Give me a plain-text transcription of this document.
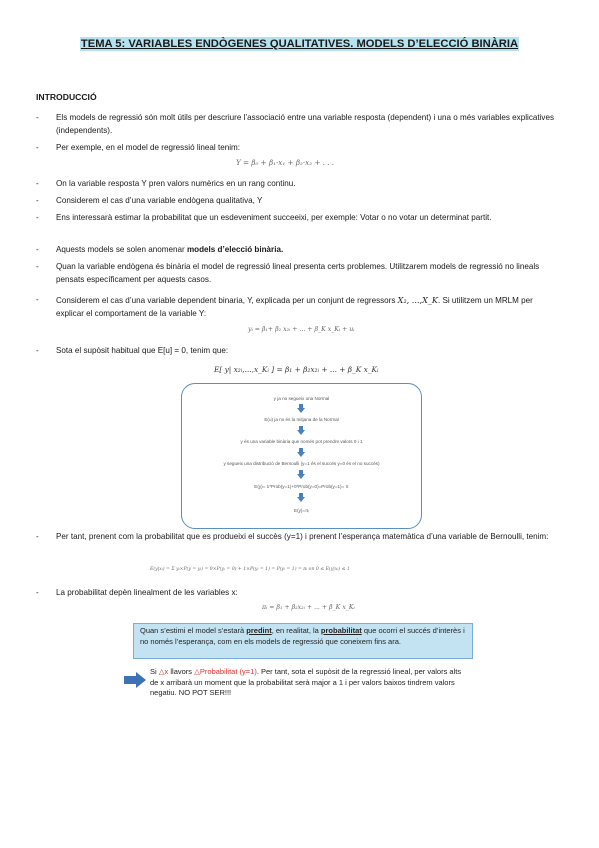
TEMA 5: VARIABLES ENDÒGENES QUALITATIVES. MODELS D’ELECCIÓ BINÀRIA
INTRODUCCIÓ
- Els models de regressió són molt útils per descriure l’associació entre una variable resposta (dependent) i una o més variables explicatives (independents).
- Per exemple, en el model de regressió lineal tenim:
Y = β₀ + β₁·x₁ + β₂·x₂ + . . .
- On la variable resposta Y pren valors numèrics en un rang continu.
- Considerem el cas d’una variable endògena qualitativa, Y
- Ens interessarà estimar la probabilitat que un esdeveniment succeeixi, per exemple: Votar o no votar un determinat partit.
- Aquests models se solen anomenar models d’elecció binària.
- Quan la variable endògena és binària el model de regressió lineal presenta certs problemes. Utilitzarem models de regressió no lineals pensats específicament per aquests casos.
- Considerem el cas d’una variable dependent binaria, Y, explicada per un conjunt de regressors X₂, ...,X_K. Si utilitzem un MRLM per explicar el comportament de la variable Y:
yᵢ = β₁+ β₂ x₂ᵢ + ... + β_K x_Kᵢ + uᵢ
- Sota el supòsit habitual que E[u] = 0, tenim que:
E[ y| x₂ᵢ,...,x_Kᵢ ] = β₁ + β₂x₂ᵢ + ... + β_K x_Kᵢ
y ja no segueix una Normal
E(u) ja no és la mitjana de la Normal
y és una variable binària que només pot prendre valors 0 i 1
y segueix una distribució de Bernoulli (y=1 és el succés y=0 és el no succés)
E(y)= 1*Prob(y=1)+0*Prob(y=0)=Prob(y=1)= π
E(y)=πᵢ
- Per tant, prenent com la probabilitat que es produeixi el succès (y=1) i prenent l’esperança matemàtica d’una variable de Bernoulli, tenim:
E(y|xᵢ) = Σ yᵢ×P(y = yᵢ) = 0×P(yᵢ = 0) + 1×P(yᵢ = 1) = P(yᵢ = 1) = πᵢ on 0 ≤ E(y|xᵢ) ≤ 1
- La probabilitat depèn linealment de les variables x:
πᵢ = β₁ + β₂x₂ᵢ + ... + β_K x_Kᵢ
Quan s’estimi el model s’estarà predint, en realitat, la probabilitat que ocorri el succés d’interès i no només l’esperança, com en els models de regressió que coneixem fins ara.
Si △x llavors △Probabilitat (y=1). Per tant, sota el supòsit de la regressió lineal, per valors alts de x arribarà un moment que la probabilitat serà major a 1 i per valors baixos tindrem valors negatiu. NO POT SER!!!
